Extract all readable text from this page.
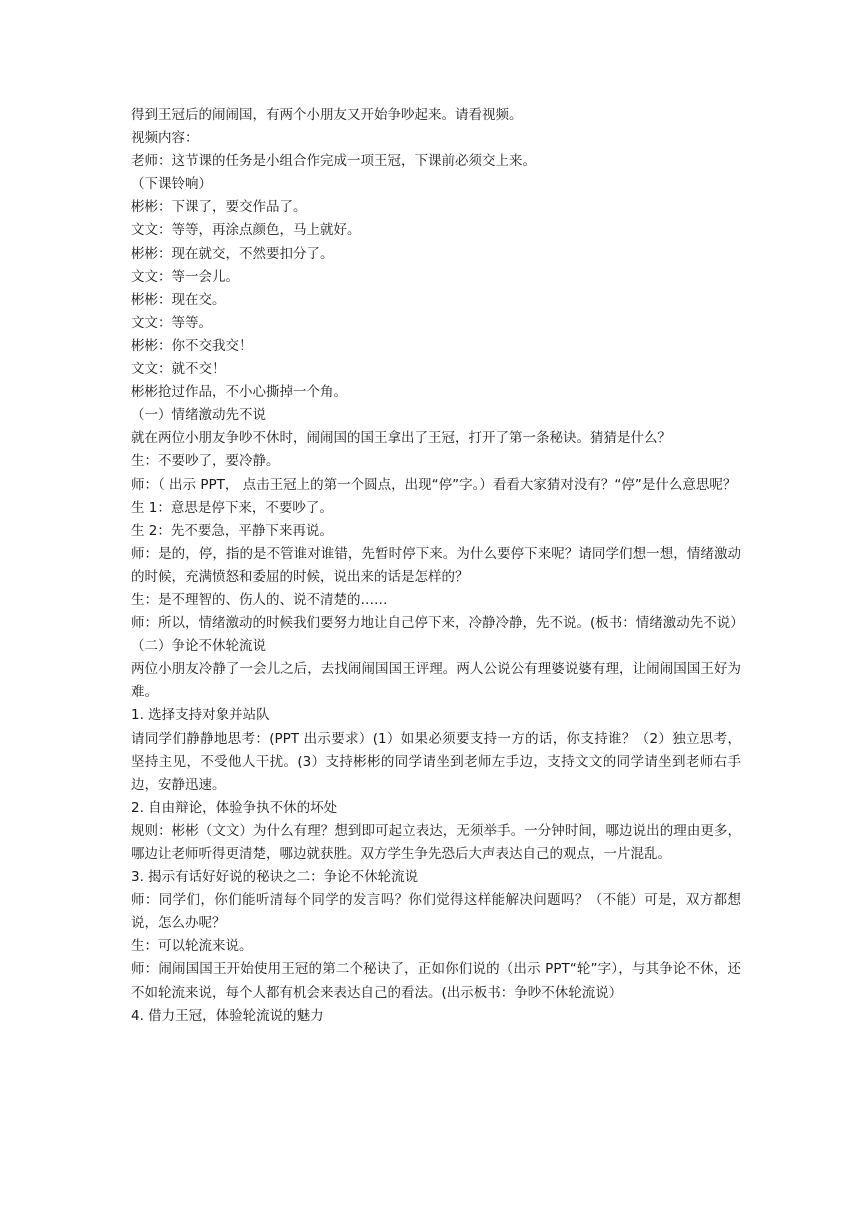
得到王冠后的闹闹国，有两个小朋友又开始争吵起来。请看视频。

视频内容：

老师：这节课的任务是小组合作完成一项王冠，下课前必须交上来。

（下课铃响）

彬彬：下课了，要交作品了。

文文：等等，再涂点颜色，马上就好。

彬彬：现在就交，不然要扣分了。

文文：等一会儿。

彬彬：现在交。

文文：等等。

彬彬：你不交我交！

文文：就不交！

彬彬抢过作品，不小心撕掉一个角。

（一）情绪激动先不说

就在两位小朋友争吵不休时，闹闹国的国王拿出了王冠，打开了第一条秘诀。猜猜是什么？

生：不要吵了，要冷静。

师：（ 出示 PPT， 点击王冠上的第一个圆点，出现“停”字。）看看大家猜对没有？“停”是什么意思呢？

生 1：意思是停下来，不要吵了。

生 2：先不要急，平静下来再说。

师：是的，停，指的是不管谁对谁错，先暂时停下来。为什么要停下来呢？请同学们想一想，情绪激动的时候，充满愤怒和委屈的时候，说出来的话是怎样的？

生：是不理智的、伤人的、说不清楚的……

师：所以，情绪激动的时候我们要努力地让自己停下来，冷静冷静，先不说。(板书：情绪激动先不说）

（二）争论不休轮流说

两位小朋友冷静了一会儿之后，去找闹闹国国王评理。两人公说公有理婆说婆有理，让闹闹国国王好为难。

1. 选择支持对象并站队

请同学们静静地思考：(PPT 出示要求）(1）如果必须要支持一方的话，你支持谁？（2）独立思考，坚持主见，不受他人干扰。(3）支持彬彬的同学请坐到老师左手边，支持文文的同学请坐到老师右手边，安静迅速。

2. 自由辩论，体验争执不休的坏处

规则：彬彬（文文）为什么有理？想到即可起立表达，无须举手。一分钟时间，哪边说出的理由更多，哪边让老师听得更清楚，哪边就获胜。双方学生争先恐后大声表达自己的观点，一片混乱。

3. 揭示有话好好说的秘诀之二：争论不休轮流说

师：同学们，你们能听清每个同学的发言吗？你们觉得这样能解决问题吗？（不能）可是，双方都想说，怎么办呢？

生：可以轮流来说。

师：闹闹国国王开始使用王冠的第二个秘诀了，正如你们说的（出示 PPT“轮”字），与其争论不休，还不如轮流来说，每个人都有机会来表达自己的看法。(出示板书：争吵不休轮流说）

4. 借力王冠，体验轮流说的魅力
